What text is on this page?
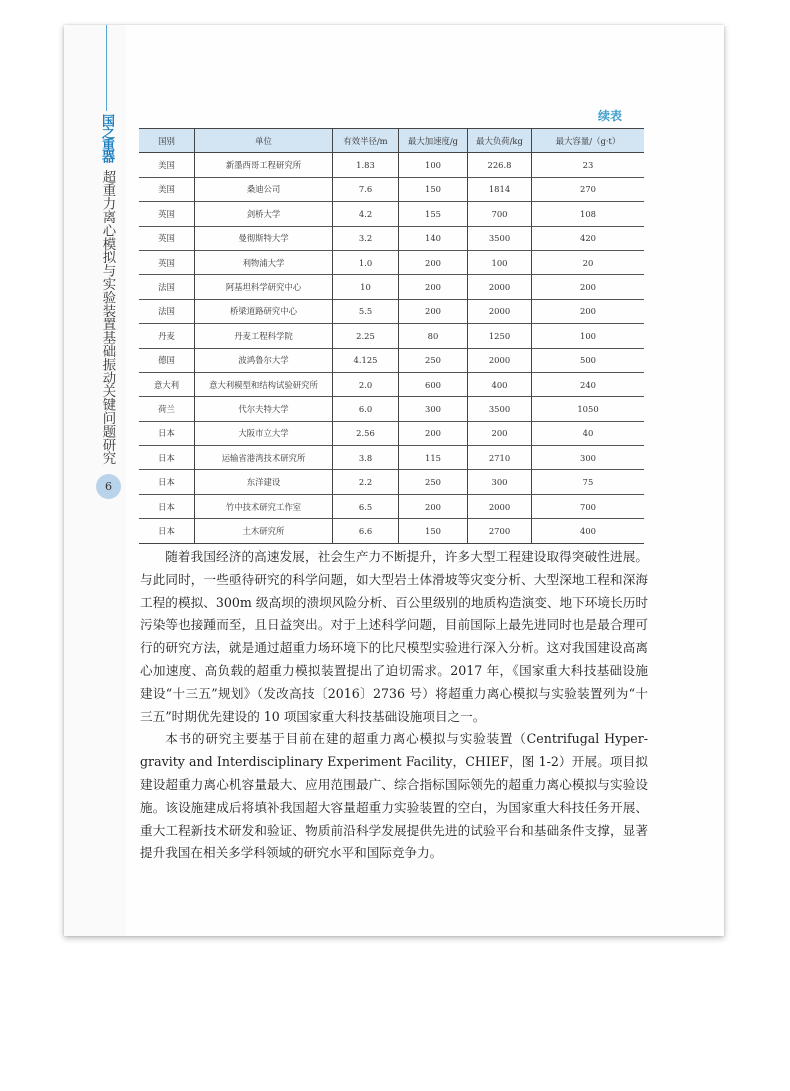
国之重器
超重力离心模拟与实验装置基础振动关键问题研究
6
续表
国别	单位	有效半径/m	最大加速度/g	最大负荷/kg	最大容量/（g·t）
美国	新墨西哥工程研究所	1.83	100	226.8	23
美国	桑迪公司	7.6	150	1814	270
英国	剑桥大学	4.2	155	700	108
英国	曼彻斯特大学	3.2	140	3500	420
英国	利物浦大学	1.0	200	100	20
法国	阿基坦科学研究中心	10	200	2000	200
法国	桥梁道路研究中心	5.5	200	2000	200
丹麦	丹麦工程科学院	2.25	80	1250	100
德国	波鸿鲁尔大学	4.125	250	2000	500
意大利	意大利模型和结构试验研究所	2.0	600	400	240
荷兰	代尔夫特大学	6.0	300	3500	1050
日本	大阪市立大学	2.56	200	200	40
日本	运输省港湾技术研究所	3.8	115	2710	300
日本	东洋建设	2.2	250	300	75
日本	竹中技术研究工作室	6.5	200	2000	700
日本	土木研究所	6.6	150	2700	400

随着我国经济的高速发展，社会生产力不断提升，许多大型工程建设取得突破性进展。与此同时，一些亟待研究的科学问题，如大型岩土体滑坡等灾变分析、大型深地工程和深海工程的模拟、300m 级高坝的溃坝风险分析、百公里级别的地质构造演变、地下环境长历时污染等也接踵而至，且日益突出。对于上述科学问题，目前国际上最先进同时也是最合理可行的研究方法，就是通过超重力场环境下的比尺模型实验进行深入分析。这对我国建设高离心加速度、高负载的超重力模拟装置提出了迫切需求。2017 年，《国家重大科技基础设施建设“十三五”规划》（发改高技〔2016〕2736 号）将超重力离心模拟与实验装置列为“十三五”时期优先建设的 10 项国家重大科技基础设施项目之一。

本书的研究主要基于目前在建的超重力离心模拟与实验装置（Centrifugal Hyper-gravity and Interdisciplinary Experiment Facility，CHIEF，图 1-2）开展。项目拟建设超重力离心机容量最大、应用范围最广、综合指标国际领先的超重力离心模拟与实验设施。该设施建成后将填补我国超大容量超重力实验装置的空白，为国家重大科技任务开展、重大工程新技术研发和验证、物质前沿科学发展提供先进的试验平台和基础条件支撑，显著提升我国在相关多学科领域的研究水平和国际竞争力。
